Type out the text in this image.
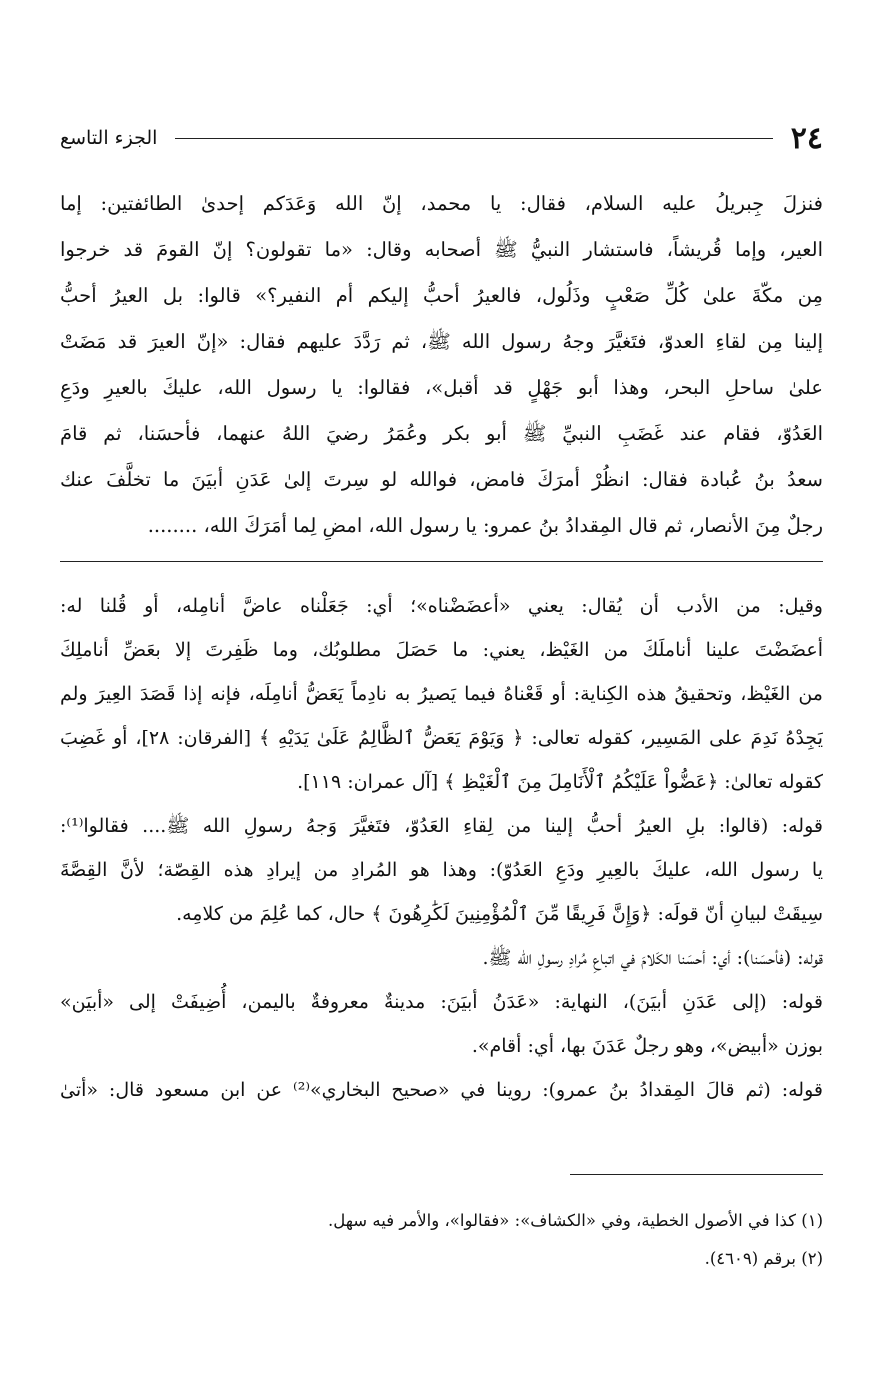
٢٤
الجزء التاسع
فنزلَ جِبريلُ عليه السلام، فقال: يا محمد، إنّ الله وَعَدَكم إحدىٰ الطائفتين: إما
العير، وإما قُريشاً، فاستشار النبيُّ ﷺ أصحابه وقال: «ما تقولون؟ إنّ القومَ قد خرجوا
مِن مكّةَ علىٰ كُلِّ صَعْبٍ وذَلُول، فالعيرُ أحبُّ إليكم أم النفير؟» قالوا: بل العيرُ أحبُّ
إلينا مِن لقاءِ العدوّ، فتَغيَّرَ وجهُ رسول الله ﷺ، ثم رَدَّدَ عليهم فقال: «إنّ العيرَ قد مَضَتْ
علىٰ ساحلِ البحر، وهذا أبو جَهْلٍ قد أقبل»، فقالوا: يا رسول الله، عليكَ بالعيرِ ودَعِ
العَدُوّ، فقام عند غَضَبِ النبيِّ ﷺ أبو بكر وعُمَرُ رضيَ اللهُ عنهما، فأحسَنا، ثم قامَ
سعدُ بنُ عُبادة فقال: انظُرْ أمرَكَ فامض، فوالله لو سِرتَ إلىٰ عَدَنِ أبيَنَ ما تخلَّفَ عنك
رجلٌ مِنَ الأنصار، ثم قال المِقدادُ بنُ عمرو: يا رسول الله، امضِ لِما أمَرَكَ الله، ........
وقيل: من الأدب أن يُقال: يعني «أعضَضْناه»؛ أي: جَعَلْناه عاضَّ أنامِله، أو قُلنا له:
أعضَضْتَ علينا أناملَكَ من الغَيْظ، يعني: ما حَصَلَ مطلوبُك، وما ظَفِرتَ إلا بعَضِّ أناملِكَ
من الغَيْظ، وتحقيقُ هذه الكِناية: أو قَعْناهُ فيما يَصيرُ به نادِماً يَعَضُّ أنامِلَه، فإنه إذا قَصَدَ العِيرَ ولم
يَجِدْهُ نَدِمَ على المَسِير، كقوله تعالى: ﴿ وَيَوْمَ يَعَضُّ ٱلظَّالِمُ عَلَىٰ يَدَيْهِ ﴾ [الفرقان: ٢٨]، أو غَضِبَ
كقوله تعالىٰ: ﴿عَضُّواْ عَلَيْكُمُ ٱلْأَنَامِلَ مِنَ ٱلْغَيْظِ ﴾ [آل عمران: ١١٩].
قوله: (قالوا: بلِ العيرُ أحبُّ إلينا من لِقاءِ العَدُوّ، فتَغيَّرَ وَجهُ رسولِ الله ﷺ.... فقالوا⁽¹⁾:
يا رسول الله، عليكَ بالعِيرِ ودَعِ العَدُوّ): وهذا هو المُرادِ من إيرادِ هذه القِصّة؛ لأنَّ القِصَّةَ
سِيقَتْ لبيانِ أنّ قولَه: ﴿وَإِنَّ فَرِيقًا مِّنَ ٱلْمُؤْمِنِينَ لَكَٰرِهُونَ ﴾ حال، كما عُلِمَ من كلامِه.
قوله: (فأحسَنا): أي: أحسَنا الكَلامَ في اتباعِ مُرادِ رسولِ الله ﷺ.
قوله: (إلى عَدَنِ أبيَنَ)، النهاية: «عَدَنُ أبيَنَ: مدينةٌ معروفةٌ باليمن، أُضِيفَتْ إلى «أبيَن»
بوزن «أبيض»، وهو رجلٌ عَدَنَ بها، أي: أقام».
قوله: (ثم قالَ المِقدادُ بنُ عمرو): روينا في «صحيح البخاري»⁽²⁾ عن ابن مسعود قال: «أتىٰ
(١) كذا في الأصول الخطية، وفي «الكشاف»: «فقالوا»، والأمر فيه سهل.
(٢) برقم (٤٦٠٩).
